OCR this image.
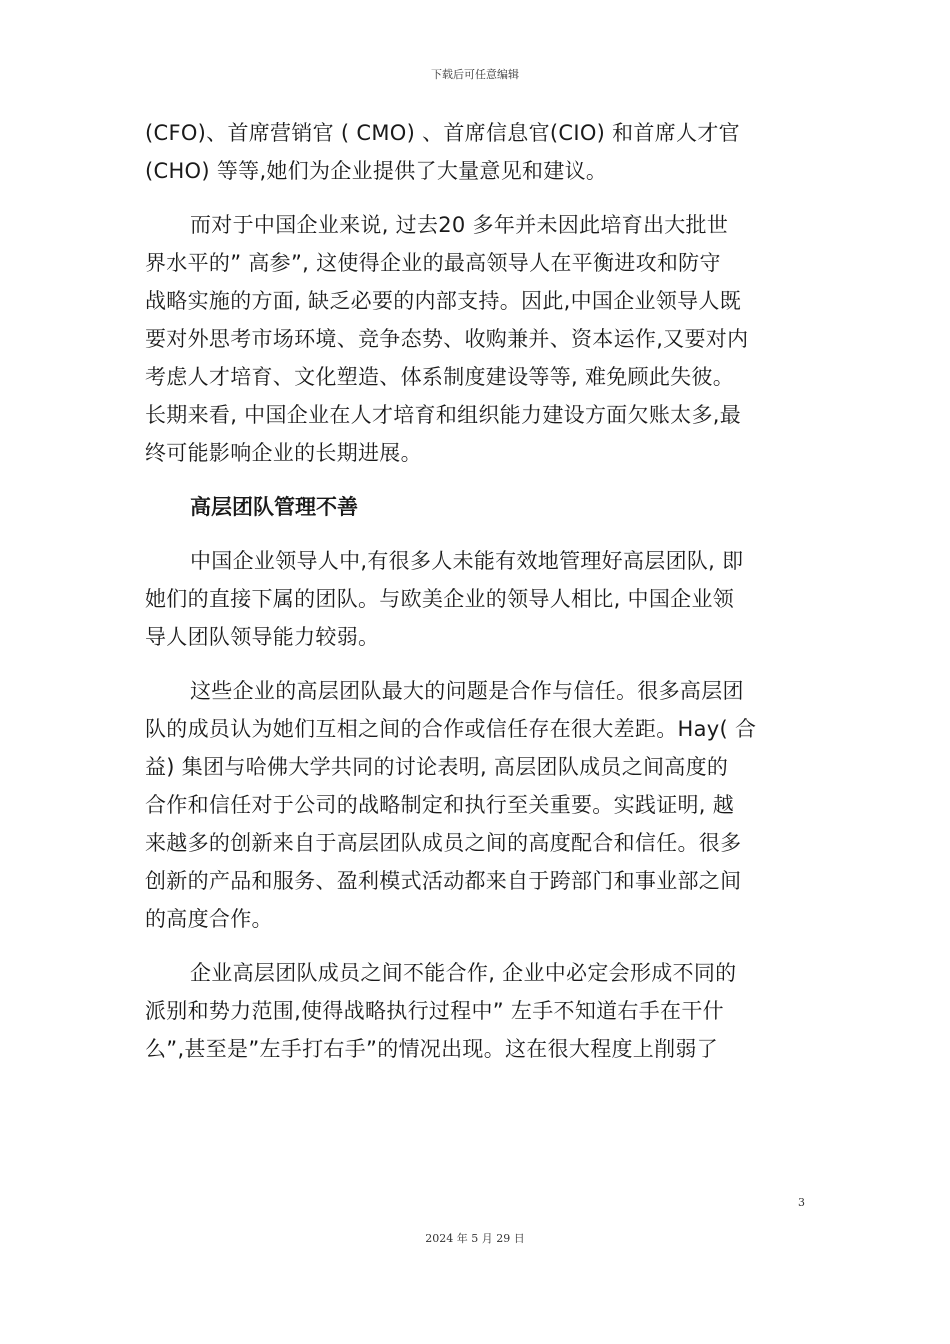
下载后可任意编辑

(CFO)、首席营销官 ( CMO) 、首席信息官(CIO) 和首席人才官
(CHO) 等等,她们为企业提供了大量意见和建议。

而对于中国企业来说, 过去20 多年并未因此培育出大批世
界水平的” 高参”, 这使得企业的最高领导人在平衡进攻和防守
战略实施的方面, 缺乏必要的内部支持。因此,中国企业领导人既
要对外思考市场环境、竞争态势、收购兼并、资本运作,又要对内
考虑人才培育、文化塑造、体系制度建设等等, 难免顾此失彼。
长期来看, 中国企业在人才培育和组织能力建设方面欠账太多,最
终可能影响企业的长期进展。

高层团队管理不善

中国企业领导人中,有很多人未能有效地管理好高层团队, 即
她们的直接下属的团队。与欧美企业的领导人相比, 中国企业领
导人团队领导能力较弱。

这些企业的高层团队最大的问题是合作与信任。很多高层团
队的成员认为她们互相之间的合作或信任存在很大差距。Hay( 合
益) 集团与哈佛大学共同的讨论表明, 高层团队成员之间高度的
合作和信任对于公司的战略制定和执行至关重要。实践证明, 越
来越多的创新来自于高层团队成员之间的高度配合和信任。很多
创新的产品和服务、盈利模式活动都来自于跨部门和事业部之间
的高度合作。

企业高层团队成员之间不能合作, 企业中必定会形成不同的
派别和势力范围,使得战略执行过程中” 左手不知道右手在干什
么”,甚至是”左手打右手”的情况出现。这在很大程度上削弱了

3
2024 年 5 月 29 日
